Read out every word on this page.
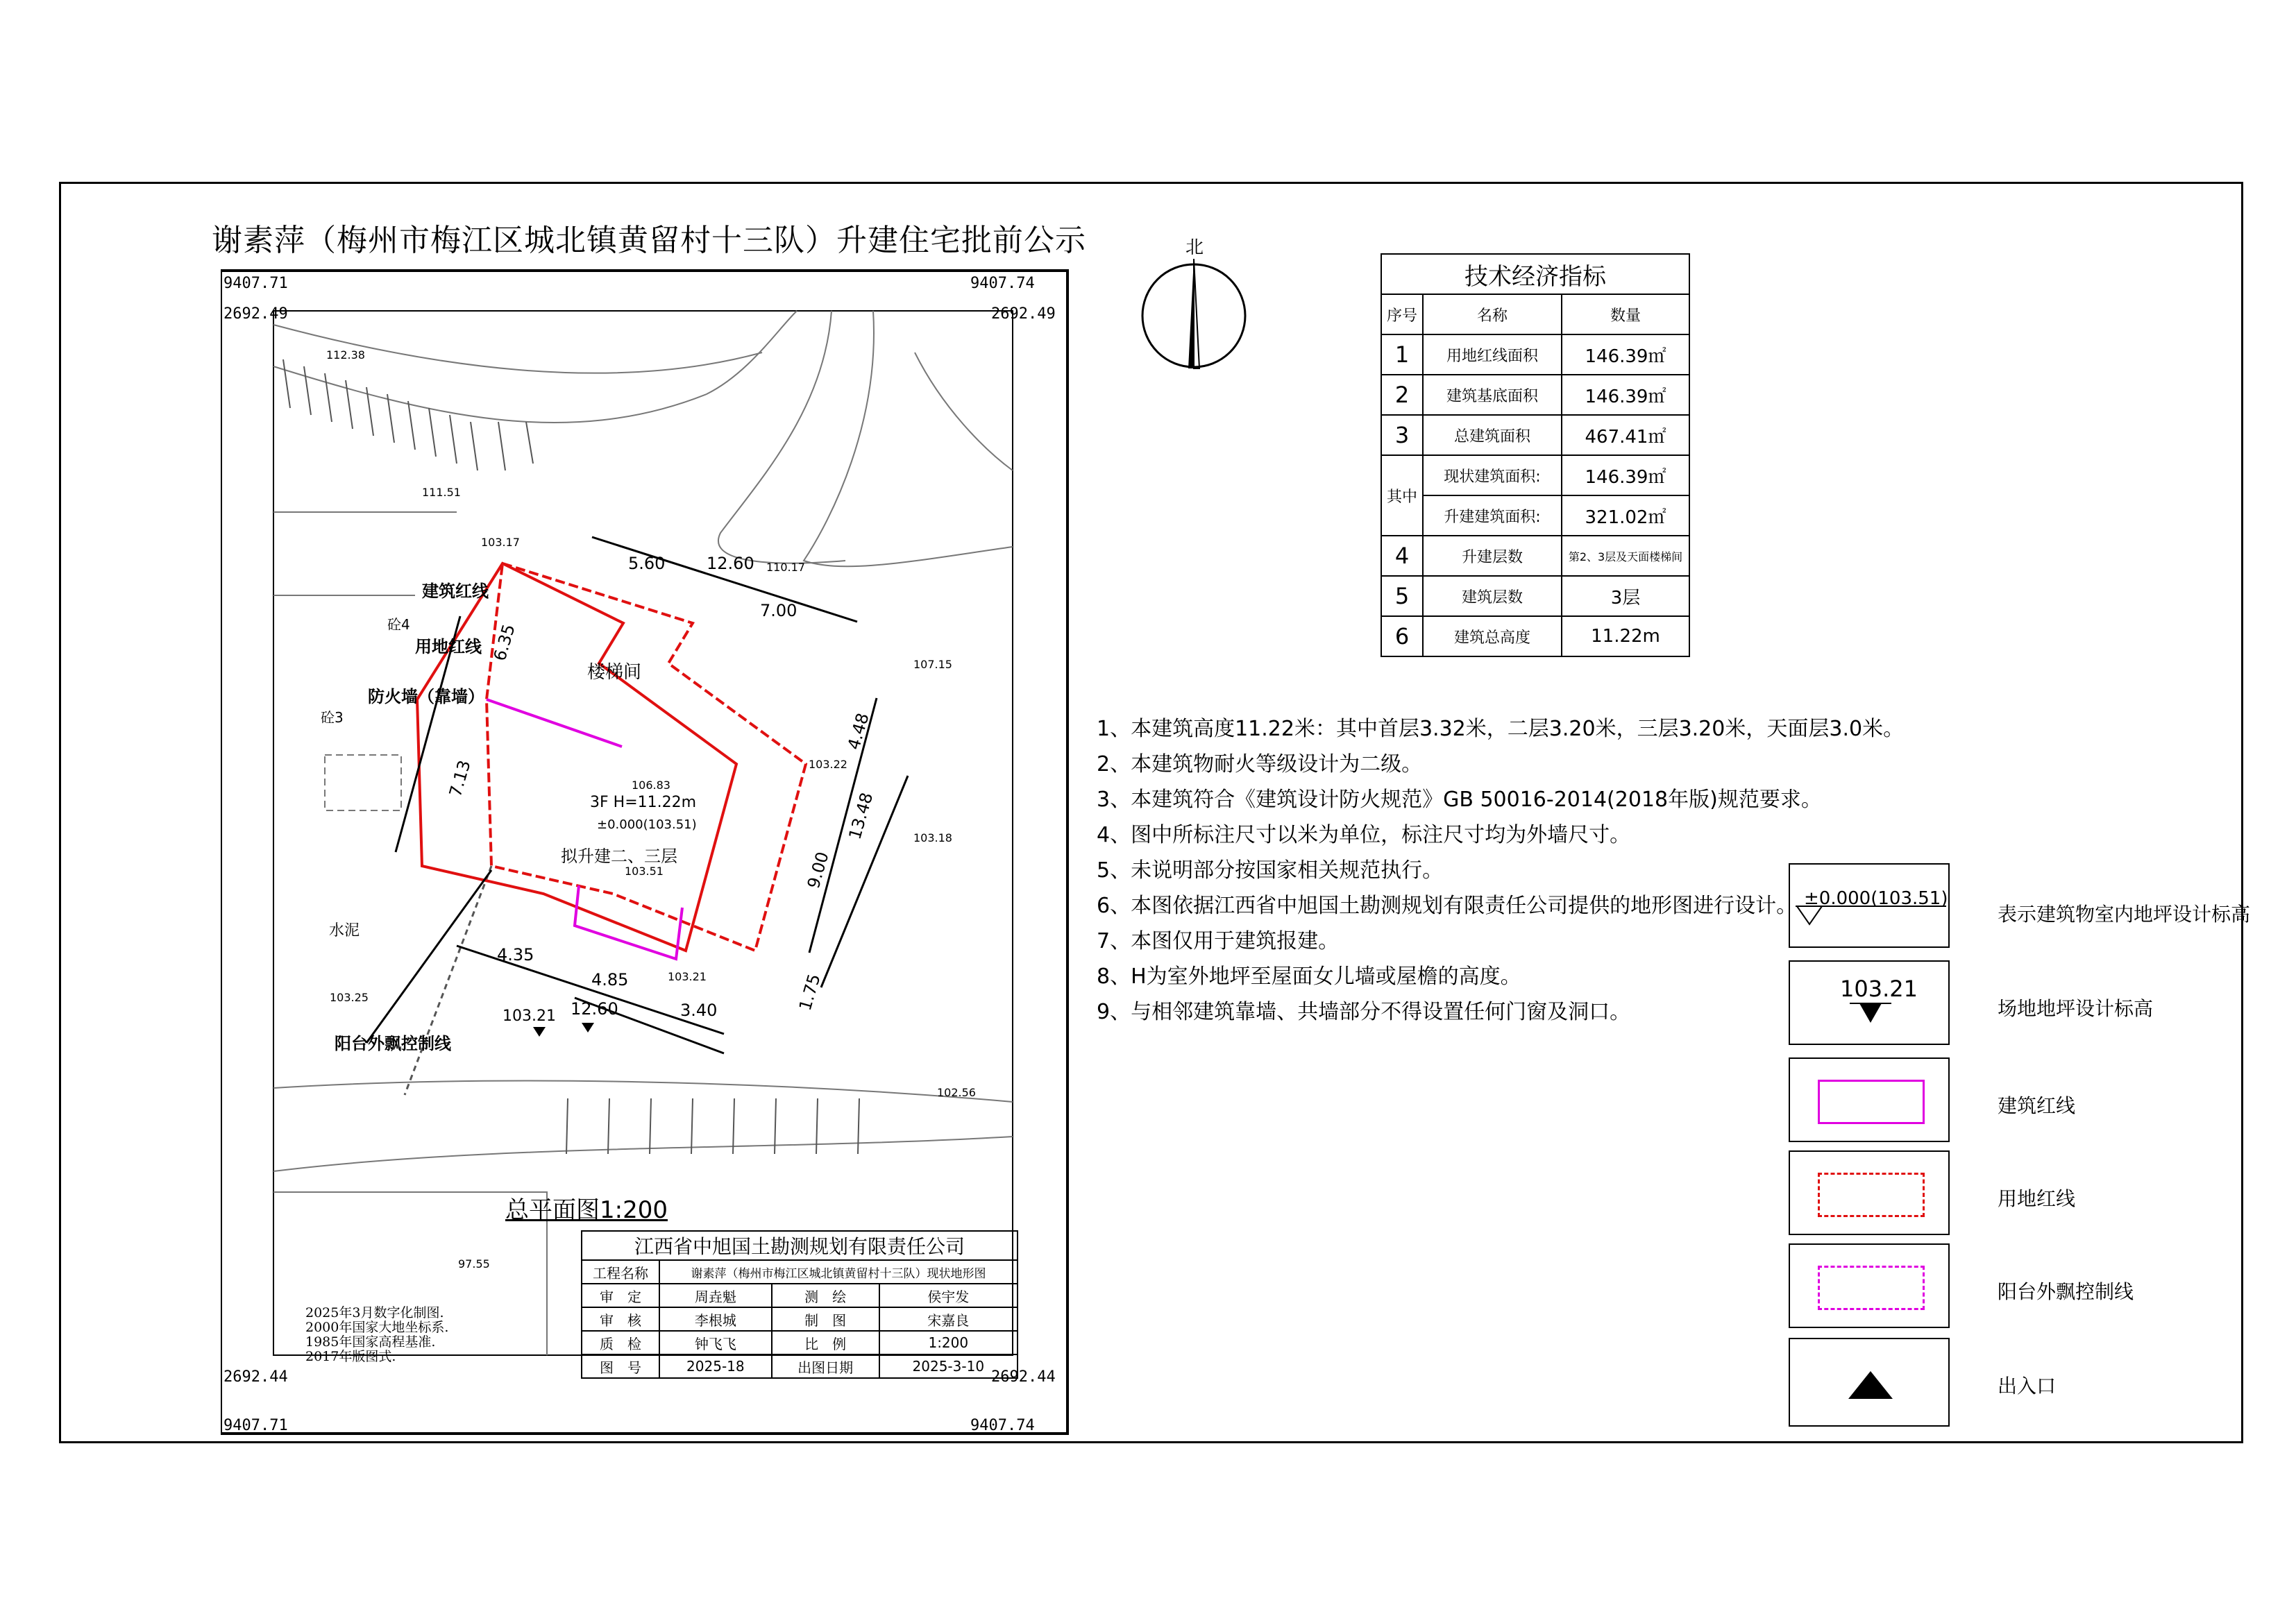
谢素萍（梅州市梅江区城北镇黄留村十三队）升建住宅批前公示	北
112.38
111.51
103.17
110.17
107.15
103.22
106.83
103.18
103.51
103.21
103.25
102.56
97.55
103.21
建筑红线
用地红线
防火墙（靠墙）
阳台外飘控制线
楼梯间
3F H=11.22m
±0.000(103.51)
拟升建二、三层
水泥
砼4
砼3
总平面图1:200
5.60 12.60
7.00
6.35
7.13
4.48
13.48
9.00
1.75
4.35
4.85
12.60	3.40
9407.71	9407.74
2692.49	2692.49
2692.44	2692.44
9407.71	9407.74
2025年3月数字化制图.
2000年国家大地坐标系.
1985年国家高程基准.
2017年版图式.
江西省中旭国土勘测规划有限责任公司			
工程名称	谢素萍（梅州市梅江区城北镇黄留村十三队）现状地形图		
审　定	周垚魁	测　绘	侯宇发
审　核	李根城	制　图	宋嘉良
质　检	钟飞飞	比　例	1:200
图　号	2025-18	出图日期	2025-3-10
技术经济指标		
序号	名称	数量
1	用地红线面积	146.39㎡
2	建筑基底面积	146.39㎡
3	总建筑面积	467.41㎡
其中	现状建筑面积:	146.39㎡
	升建建筑面积:	321.02㎡
4	升建层数	第2、3层及天面楼梯间
5	建筑层数	3层
6	建筑总高度	11.22m
1、本建筑高度11.22米：其中首层3.32米，二层3.20米，三层3.20米，天面层3.0米。
2、本建筑物耐火等级设计为二级。
3、本建筑符合《建筑设计防火规范》GB 50016-2014(2018年版)规范要求。
4、图中所标注尺寸以米为单位，标注尺寸均为外墙尺寸。
5、未说明部分按国家相关规范执行。
6、本图依据江西省中旭国土勘测规划有限责任公司提供的地形图进行设计。
7、本图仅用于建筑报建。
8、H为室外地坪至屋面女儿墙或屋檐的高度。
9、与相邻建筑靠墙、共墙部分不得设置任何门窗及洞口。
±0.000(103.51)
表示建筑物室内地坪设计标高
103.21
场地地坪设计标高
建筑红线
用地红线
阳台外飘控制线
出入口
